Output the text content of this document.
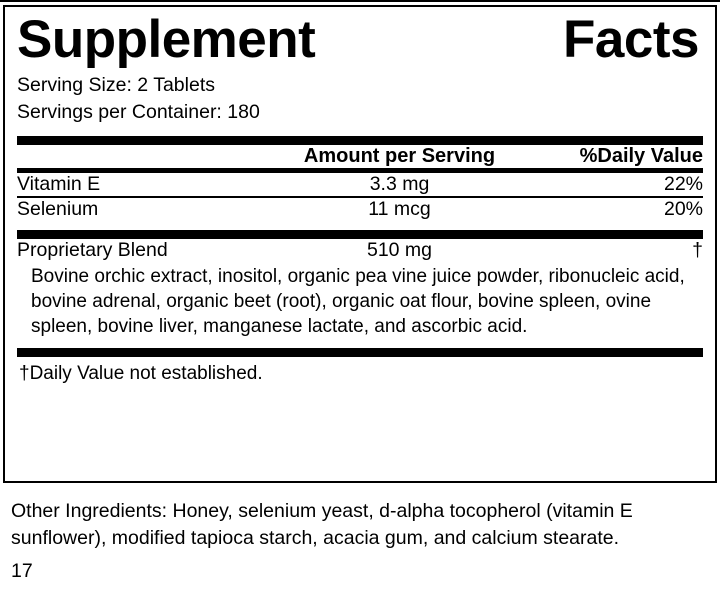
Supplement	Facts
Serving Size: 2 Tablets
Servings per Container: 180
	Amount per Serving	%Daily Value
Vitamin E	3.3 mg	22%
Selenium	11 mcg	20%
Proprietary Blend	510 mg	†
Bovine orchic extract, inositol, organic pea vine juice powder, ribonucleic acid, bovine adrenal, organic beet (root), organic oat flour, bovine spleen, ovine spleen, bovine liver, manganese lactate, and ascorbic acid.
†Daily Value not established.
Other Ingredients: Honey, selenium yeast, d-alpha tocopherol (vitamin E sunflower), modified tapioca starch, acacia gum, and calcium stearate.
17
